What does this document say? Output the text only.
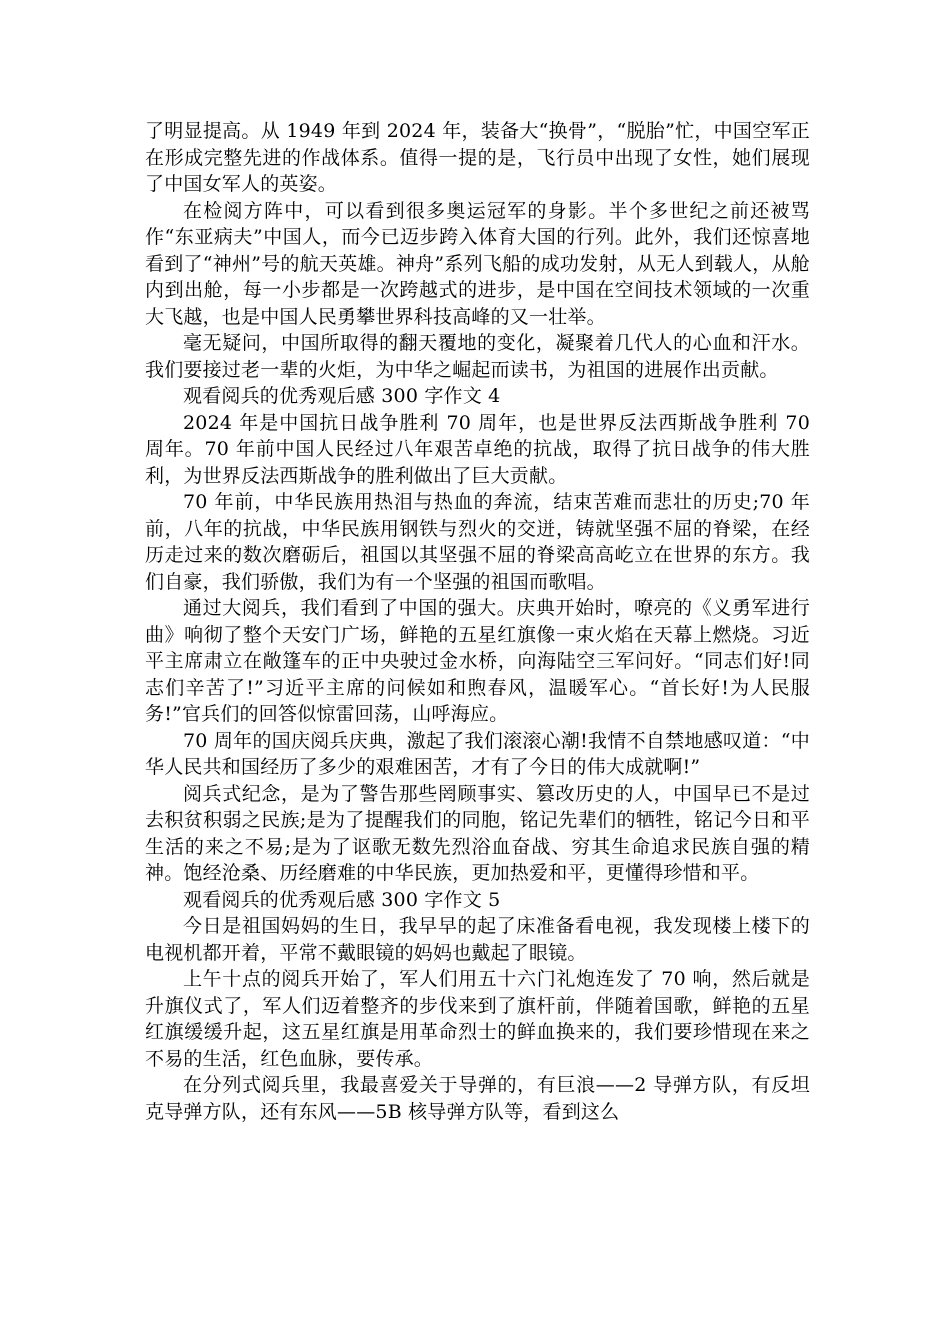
了明显提高。从 1949 年到 2024 年，装备大“换骨”，“脱胎”忙，中国空军正在形成完整先进的作战体系。值得一提的是，飞行员中出现了女性，她们展现了中国女军人的英姿。

在检阅方阵中，可以看到很多奥运冠军的身影。半个多世纪之前还被骂作“东亚病夫”中国人，而今已迈步跨入体育大国的行列。此外，我们还惊喜地看到了“神州”号的航天英雄。神舟”系列飞船的成功发射，从无人到载人，从舱内到出舱，每一小步都是一次跨越式的进步，是中国在空间技术领域的一次重大飞越，也是中国人民勇攀世界科技高峰的又一壮举。

毫无疑问，中国所取得的翻天覆地的变化，凝聚着几代人的心血和汗水。我们要接过老一辈的火炬，为中华之崛起而读书，为祖国的进展作出贡献。

观看阅兵的优秀观后感 300 字作文 4

2024 年是中国抗日战争胜利 70 周年，也是世界反法西斯战争胜利 70 周年。70 年前中国人民经过八年艰苦卓绝的抗战，取得了抗日战争的伟大胜利，为世界反法西斯战争的胜利做出了巨大贡献。

70 年前，中华民族用热泪与热血的奔流，结束苦难而悲壮的历史;70 年前，八年的抗战，中华民族用钢铁与烈火的交迸，铸就坚强不屈的脊梁，在经历走过来的数次磨砺后，祖国以其坚强不屈的脊梁高高屹立在世界的东方。我们自豪，我们骄傲，我们为有一个坚强的祖国而歌唱。

通过大阅兵，我们看到了中国的强大。庆典开始时，嘹亮的《义勇军进行曲》响彻了整个天安门广场，鲜艳的五星红旗像一束火焰在天幕上燃烧。习近平主席肃立在敞篷车的正中央驶过金水桥，向海陆空三军问好。“同志们好!同志们辛苦了!”习近平主席的问候如和煦春风，温暖军心。“首长好!为人民服务!”官兵们的回答似惊雷回荡，山呼海应。

70 周年的国庆阅兵庆典，激起了我们滚滚心潮!我情不自禁地感叹道：“中华人民共和国经历了多少的艰难困苦，才有了今日的伟大成就啊!”

阅兵式纪念，是为了警告那些罔顾事实、篡改历史的人，中国早已不是过去积贫积弱之民族;是为了提醒我们的同胞，铭记先辈们的牺牲，铭记今日和平生活的来之不易;是为了讴歌无数先烈浴血奋战、穷其生命追求民族自强的精神。饱经沧桑、历经磨难的中华民族，更加热爱和平，更懂得珍惜和平。

观看阅兵的优秀观后感 300 字作文 5

今日是祖国妈妈的生日，我早早的起了床准备看电视，我发现楼上楼下的电视机都开着，平常不戴眼镜的妈妈也戴起了眼镜。

上午十点的阅兵开始了，军人们用五十六门礼炮连发了 70 响，然后就是升旗仪式了，军人们迈着整齐的步伐来到了旗杆前，伴随着国歌，鲜艳的五星红旗缓缓升起，这五星红旗是用革命烈士的鲜血换来的，我们要珍惜现在来之不易的生活，红色血脉，要传承。

在分列式阅兵里，我最喜爱关于导弹的，有巨浪——2 导弹方队，有反坦克导弹方队，还有东风——5B 核导弹方队等，看到这么
